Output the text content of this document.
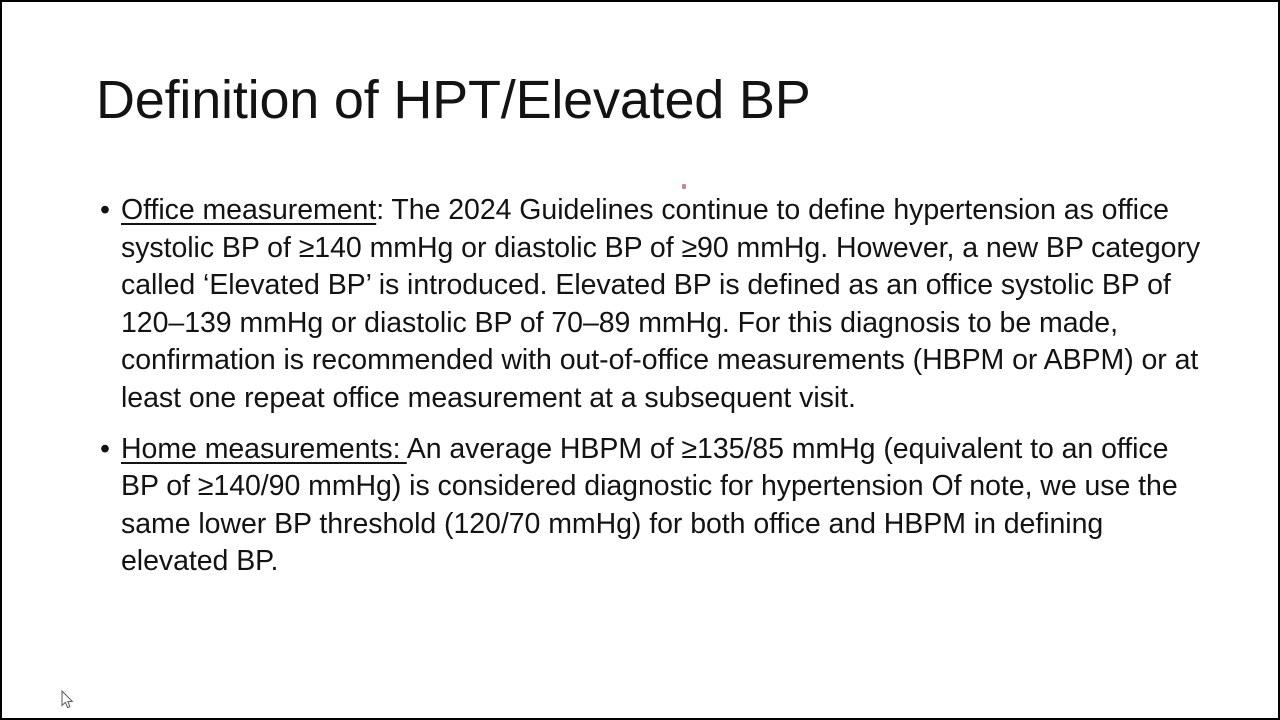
Definition of HPT/Elevated BP
• Office measurement: The 2024 Guidelines continue to define hypertension as office systolic BP of ≥140 mmHg or diastolic BP of ≥90 mmHg. However, a new BP category called ‘Elevated BP’ is introduced. Elevated BP is defined as an office systolic BP of 120–139 mmHg or diastolic BP of 70–89 mmHg. For this diagnosis to be made, confirmation is recommended with out-of-office measurements (HBPM or ABPM) or at least one repeat office measurement at a subsequent visit.
• Home measurements: An average HBPM of ≥135/85 mmHg (equivalent to an office BP of ≥140/90 mmHg) is considered diagnostic for hypertension Of note, we use the same lower BP threshold (120/70 mmHg) for both office and HBPM in defining elevated BP.
